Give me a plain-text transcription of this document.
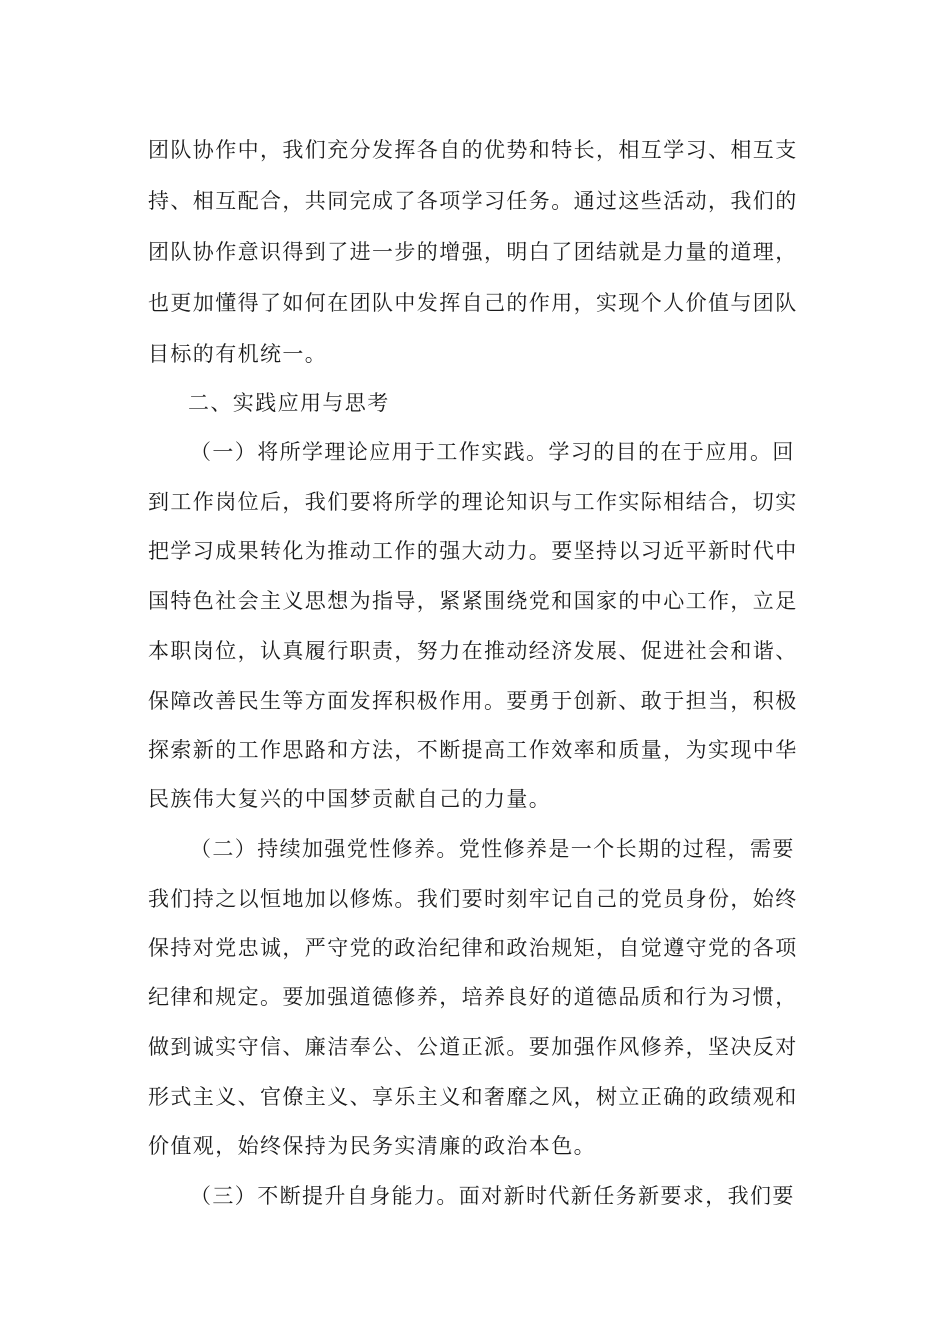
团队协作中，我们充分发挥各自的优势和特长，相互学习、相互支
持、相互配合，共同完成了各项学习任务。通过这些活动，我们的
团队协作意识得到了进一步的增强，明白了团结就是力量的道理，
也更加懂得了如何在团队中发挥自己的作用，实现个人价值与团队
目标的有机统一。
二、实践应用与思考
（一）将所学理论应用于工作实践。学习的目的在于应用。回
到工作岗位后，我们要将所学的理论知识与工作实际相结合，切实
把学习成果转化为推动工作的强大动力。要坚持以习近平新时代中
国特色社会主义思想为指导，紧紧围绕党和国家的中心工作，立足
本职岗位，认真履行职责，努力在推动经济发展、促进社会和谐、
保障改善民生等方面发挥积极作用。要勇于创新、敢于担当，积极
探索新的工作思路和方法，不断提高工作效率和质量，为实现中华
民族伟大复兴的中国梦贡献自己的力量。
（二）持续加强党性修养。党性修养是一个长期的过程，需要
我们持之以恒地加以修炼。我们要时刻牢记自己的党员身份，始终
保持对党忠诚，严守党的政治纪律和政治规矩，自觉遵守党的各项
纪律和规定。要加强道德修养，培养良好的道德品质和行为习惯，
做到诚实守信、廉洁奉公、公道正派。要加强作风修养，坚决反对
形式主义、官僚主义、享乐主义和奢靡之风，树立正确的政绩观和
价值观，始终保持为民务实清廉的政治本色。
（三）不断提升自身能力。面对新时代新任务新要求，我们要
